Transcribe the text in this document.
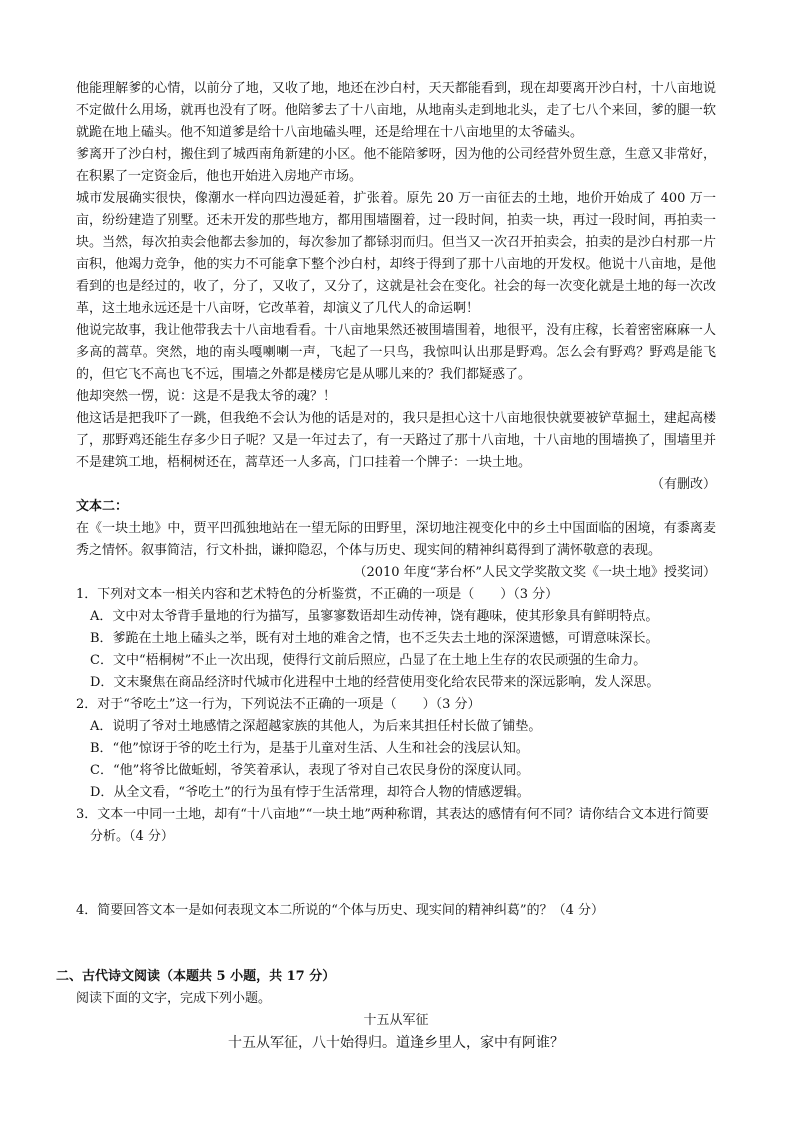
他能理解爹的心情，以前分了地，又收了地，地还在沙白村，天天都能看到，现在却要离开沙白村，十八亩地说不定做什么用场，就再也没有了呀。他陪爹去了十八亩地，从地南头走到地北头，走了七八个来回，爹的腿一软就跪在地上磕头。他不知道爹是给十八亩地磕头哩，还是给埋在十八亩地里的太爷磕头。

爹离开了沙白村，搬住到了城西南角新建的小区。他不能陪爹呀，因为他的公司经营外贸生意，生意又非常好，在积累了一定资金后，他也开始进入房地产市场。

城市发展确实很快，像潮水一样向四边漫延着，扩张着。原先 20 万一亩征去的土地，地价开始成了 400 万一亩，纷纷建造了别墅。还未开发的那些地方，都用围墙圈着，过一段时间，拍卖一块，再过一段时间，再拍卖一块。当然，每次拍卖会他都去参加的，每次参加了都铩羽而归。但当又一次召开拍卖会，拍卖的是沙白村那一片亩积，他竭力竞争，他的实力不可能拿下整个沙白村，却终于得到了那十八亩地的开发权。他说十八亩地，是他看到的也是经过的，收了，分了，又收了，又分了，这就是社会在变化。社会的每一次变化就是土地的每一次改革，这土地永远还是十八亩呀，它改革着，却演义了几代人的命运啊！

他说完故事，我让他带我去十八亩地看看。十八亩地果然还被围墙围着，地很平，没有庄稼，长着密密麻麻一人多高的蒿草。突然，地的南头嘎喇喇一声，飞起了一只鸟，我惊叫认出那是野鸡。怎么会有野鸡？野鸡是能飞的，但它飞不高也飞不远，围墙之外都是楼房它是从哪儿来的？我们都疑惑了。

他却突然一愣，说：这是不是我太爷的魂？！

他这话是把我吓了一跳，但我绝不会认为他的话是对的，我只是担心这十八亩地很快就要被铲草掘土，建起高楼了，那野鸡还能生存多少日子呢？又是一年过去了，有一天路过了那十八亩地，十八亩地的围墙换了，围墙里并不是建筑工地，梧桐树还在，蒿草还一人多高，门口挂着一个牌子：一块土地。

（有删改）

文本二：

在《一块土地》中，贾平凹孤独地站在一望无际的田野里，深切地注视变化中的乡土中国面临的困境，有黍离麦秀之情怀。叙事简洁，行文朴拙，谦抑隐忍，个体与历史、现实间的精神纠葛得到了满怀敬意的表现。

（2010 年度“茅台杯”人民文学奖散文奖《一块土地》授奖词）

1．下列对文本一相关内容和艺术特色的分析鉴赏，不正确的一项是（　　）（3 分）

A．文中对太爷背手量地的行为描写，虽寥寥数语却生动传神，饶有趣味，使其形象具有鲜明特点。

B．爹跪在土地上磕头之举，既有对土地的难舍之情，也不乏失去土地的深深遗憾，可谓意味深长。

C．文中“梧桐树”不止一次出现，使得行文前后照应，凸显了在土地上生存的农民顽强的生命力。

D．文末聚焦在商品经济时代城市化进程中土地的经营使用变化给农民带来的深远影响，发人深思。

2．对于“爷吃土”这一行为，下列说法不正确的一项是（　　）（3 分）

A．说明了爷对土地感情之深超越家族的其他人，为后来其担任村长做了铺垫。

B．“他”惊讶于爷的吃土行为，是基于儿童对生活、人生和社会的浅层认知。

C．“他”将爷比做蚯蚓，爷笑着承认，表现了爷对自己农民身份的深度认同。

D．从全文看，“爷吃土”的行为虽有悖于生活常理，却符合人物的情感逻辑。

3．文本一中同一土地，却有“十八亩地”“一块土地”两种称谓，其表达的感情有何不同？请你结合文本进行简要分析。（4 分）

4．简要回答文本一是如何表现文本二所说的“个体与历史、现实间的精神纠葛”的？（4 分）

二、古代诗文阅读（本题共 5 小题，共 17 分）

阅读下面的文字，完成下列小题。

十五从军征

十五从军征，八十始得归。道逢乡里人，家中有阿谁？
